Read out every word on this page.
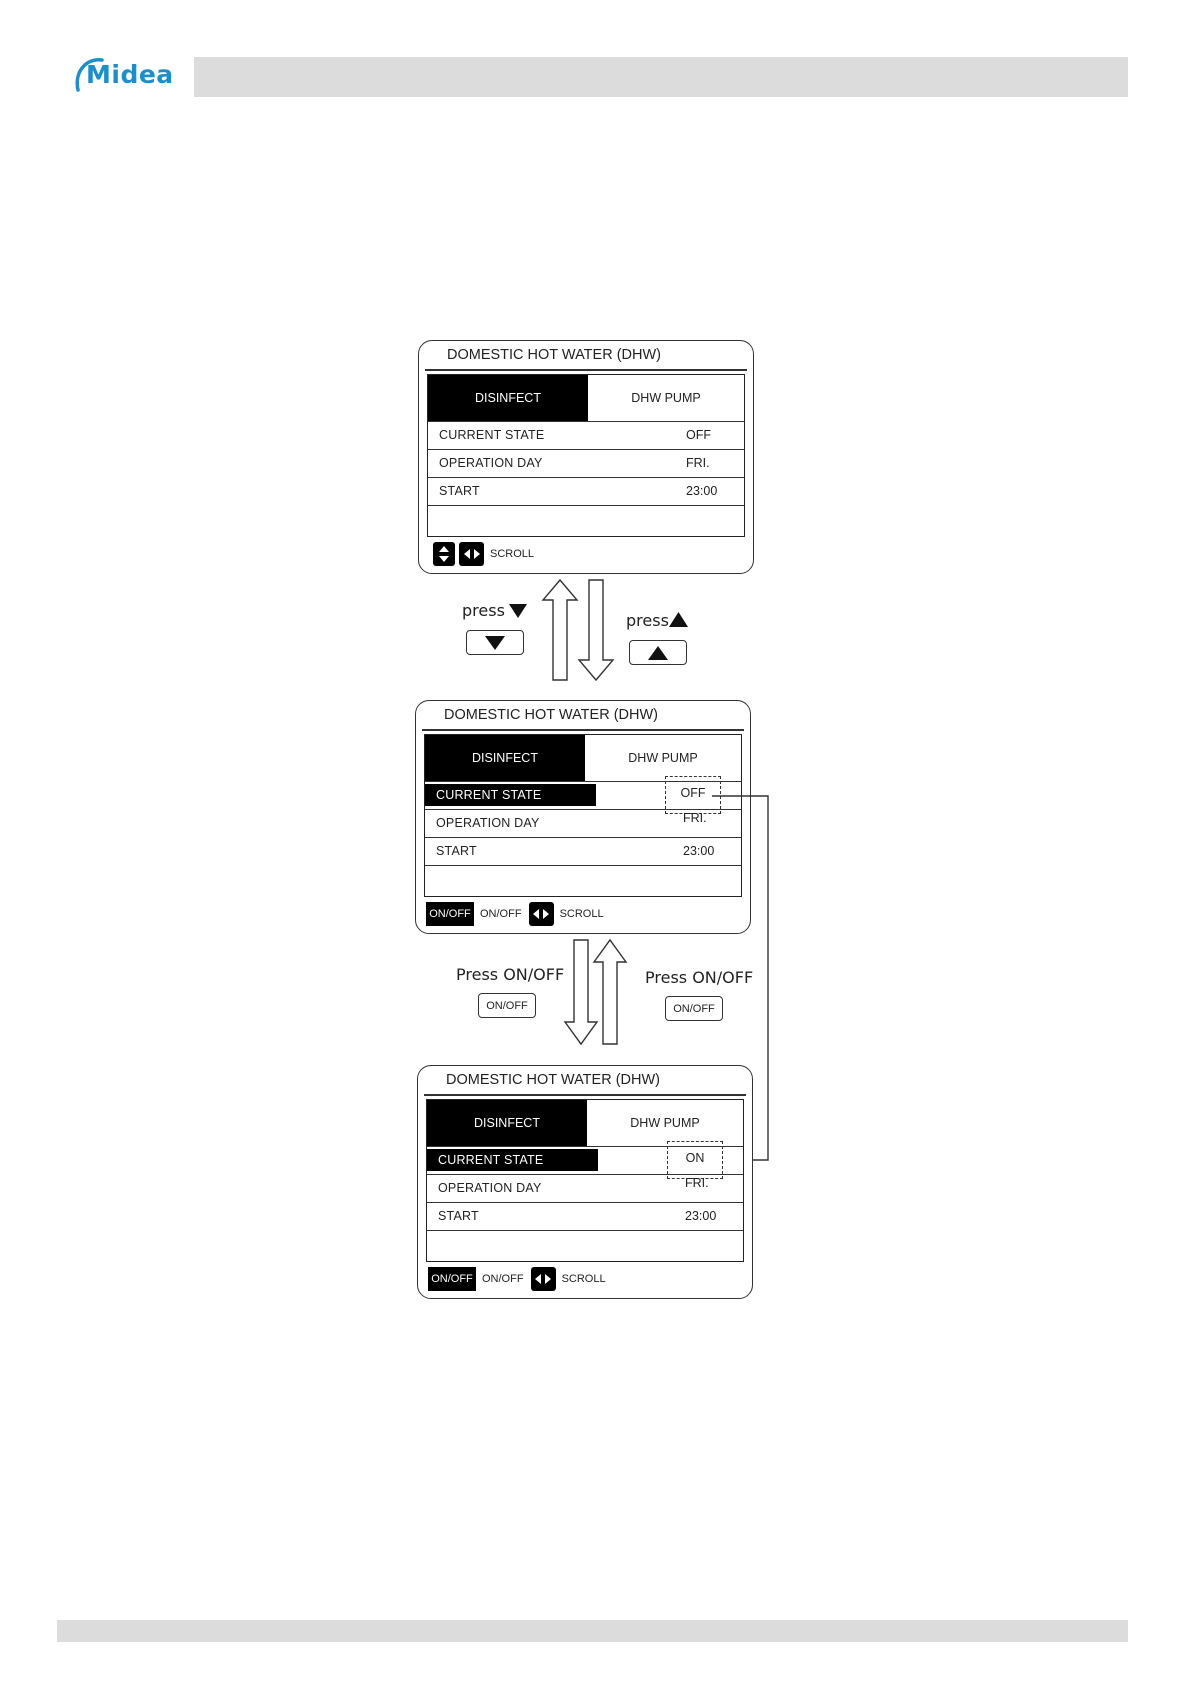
Midea
DOMESTIC HOT WATER (DHW)
DISINFECT	DHW PUMP
CURRENT STATE	OFF
OPERATION DAY	FRI.
START	23:00
SCROLL
press
press
DOMESTIC HOT WATER (DHW)
DISINFECT	DHW PUMP
CURRENT STATE	OFF
OPERATION DAY	FRI.
START	23:00
ON/OFF ON/OFF	SCROLL
Press ON/OFF
ON/OFF
Press ON/OFF
ON/OFF
DOMESTIC HOT WATER (DHW)
DISINFECT	DHW PUMP
CURRENT STATE	ON
OPERATION DAY	FRI.
START	23:00
ON/OFF ON/OFF	SCROLL
